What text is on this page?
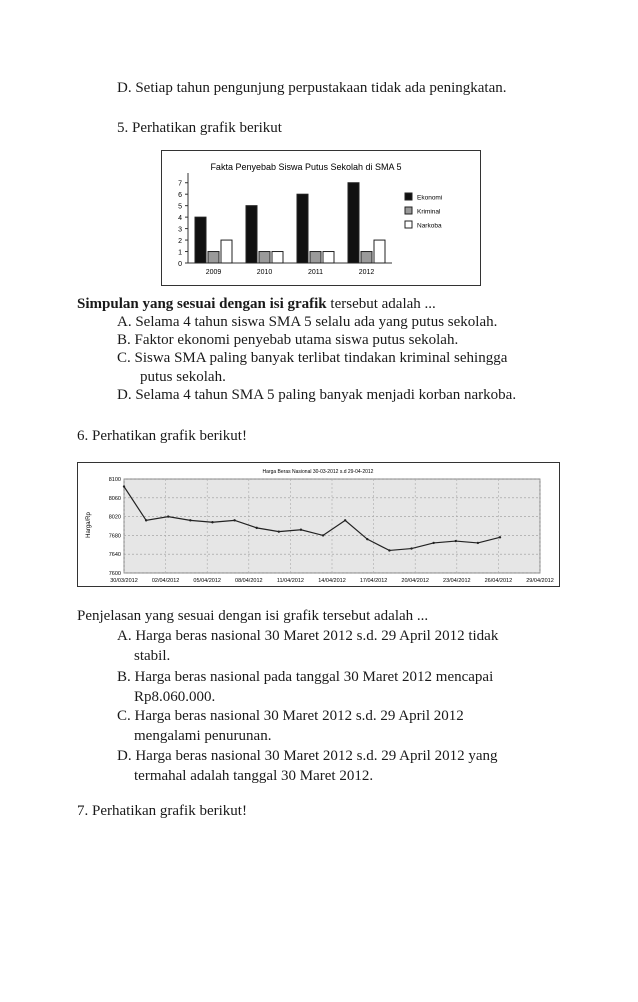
D. Setiap tahun pengunjung perpustakaan tidak ada peningkatan.
5. Perhatikan grafik berikut
Fakta Penyebab Siswa Putus Sekolah di SMA 5
0
1
2
3
4
5
6
7
2009	2010	2011	2012
Ekonomi
Kriminal
Narkoba
Simpulan yang sesuai dengan isi grafik tersebut adalah ...
A. Selama 4 tahun siswa SMA 5 selalu ada yang putus sekolah.
B. Faktor ekonomi penyebab utama siswa putus sekolah.
C. Siswa SMA paling banyak terlibat tindakan kriminal sehingga
putus sekolah.
D. Selama 4 tahun SMA 5 paling banyak menjadi korban narkoba.
6. Perhatikan grafik berikut!
Harga Beras Nasional 30-03-2012 s.d 29-04-2012
Harga/Rp
7600
7640
7680
8020
8060
8100
30/03/2012	02/04/2012	05/04/2012	08/04/2012	11/04/2012	14/04/2012	17/04/2012	20/04/2012	23/04/2012	26/04/2012	29/04/2012
Penjelasan yang sesuai dengan isi grafik tersebut adalah ...
A. Harga beras nasional 30 Maret 2012 s.d. 29 April 2012 tidak
stabil.
B. Harga beras nasional pada tanggal 30 Maret 2012 mencapai
Rp8.060.000.
C. Harga beras nasional 30 Maret 2012 s.d. 29 April 2012
mengalami penurunan.
D. Harga beras nasional 30 Maret 2012 s.d. 29 April 2012 yang
termahal adalah tanggal 30 Maret 2012.
7. Perhatikan grafik berikut!
